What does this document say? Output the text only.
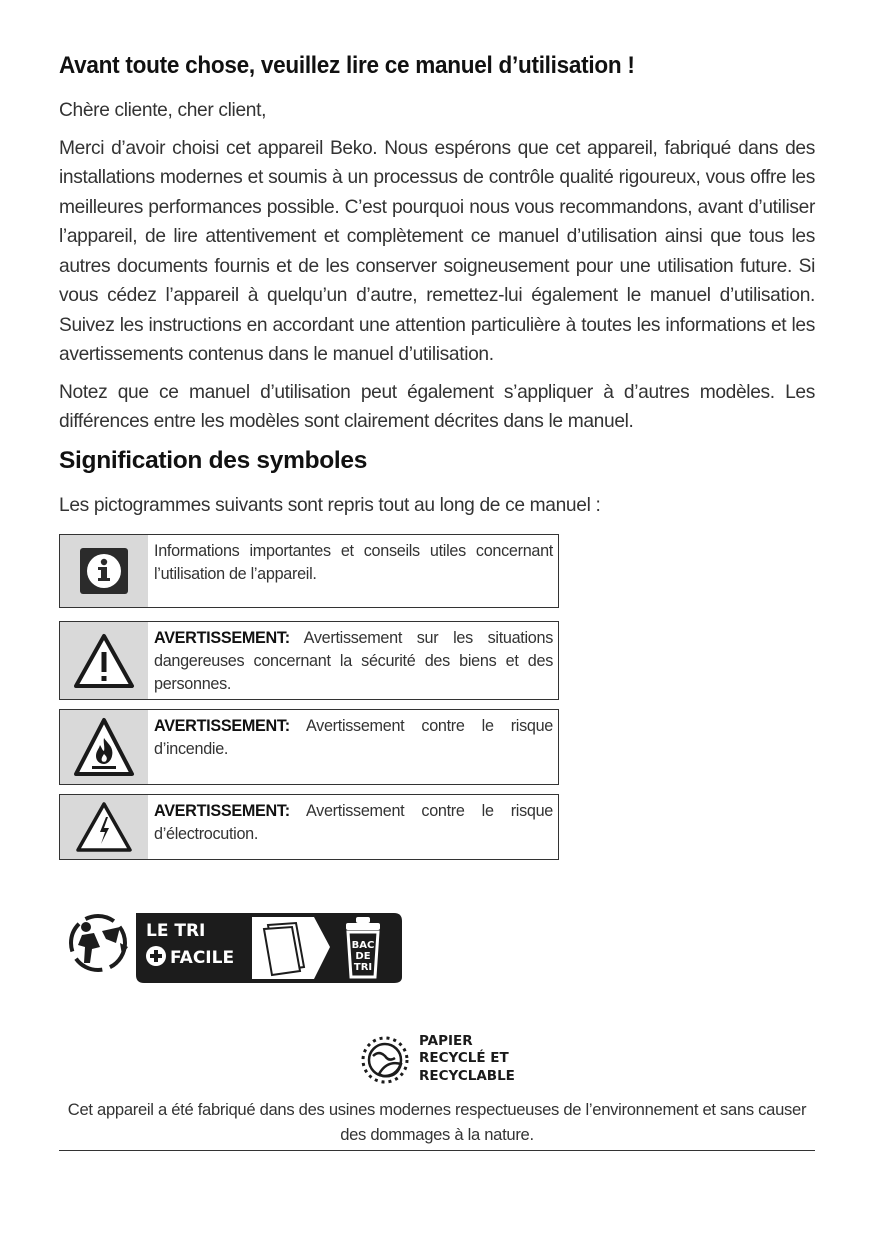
Avant toute chose, veuillez lire ce manuel d’utilisation !

Chère cliente, cher client,

Merci d’avoir choisi cet appareil Beko. Nous espérons que cet appareil, fabriqué dans des installations modernes et soumis à un processus de contrôle qualité rigoureux, vous offre les meilleures performances possible. C’est pourquoi nous vous recommandons, avant d’utiliser l’appareil, de lire attentivement et complètement ce manuel d’utilisation ainsi que tous les autres documents fournis et de les conserver soigneusement pour une utilisation future. Si vous cédez l’appareil à quelqu’un d’autre, remettez-lui également le manuel d’utilisation. Suivez les instructions en accordant une attention particulière à toutes les informations et les avertissements contenus dans le manuel d’utilisation.

Notez que ce manuel d’utilisation peut également s’appliquer à d’autres modèles. Les différences entre les modèles sont clairement décrites dans le manuel.

Signification des symboles

Les pictogrammes suivants sont repris tout au long de ce manuel :

Informations importantes et conseils utiles concernant l’utilisation de l’appareil.
AVERTISSEMENT: Avertissement sur les situations dangereuses concernant la sécurité des biens et des personnes.
AVERTISSEMENT: Avertissement contre le risque d’incendie.
AVERTISSEMENT: Avertissement contre le risque d’électrocution.
LE TRI
FACILE
BAC
DE
TRI
PAPIER
RECYCLÉ ET
RECYCLABLE
Cet appareil a été fabriqué dans des usines modernes respectueuses de l’environnement et sans causer des dommages à la nature.
